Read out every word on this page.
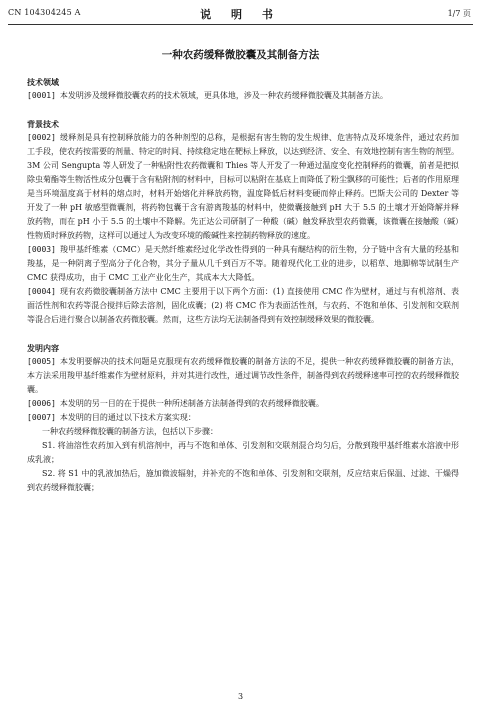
CN 104304245 A	说 明 书	1/7 页
一种农药缓释微胶囊及其制备方法

技术领域

[0001] 本发明涉及缓释微胶囊农药的技术领域，更具体地，涉及一种农药缓释微胶囊及其制备方法。

背景技术

[0002] 缓释剂是具有控制释放能力的各种剂型的总称，是根据有害生物的发生规律、危害特点及环境条件，通过农药加工手段，使农药按需要的剂量、特定的时间、持续稳定地在靶标上释放，以达到经济、安全、有效地控制有害生物的剂型。3M 公司 Sengupta 等人研发了一种粘附性农药微囊和 Thies 等人开发了一种通过温度变化控制释药的微囊，前者是把拟除虫菊酯等生物活性成分包囊于含有粘附剂的材料中，目标可以粘附在基底上而降低了粉尘飘移的可能性；后者的作用原理是当环境温度高于材料的熔点时，材料开始熔化并释放药物，温度降低后材料变硬而停止释药。巴斯夫公司的 Dexter 等开发了一种 pH 敏感型微囊剂，将药物包囊于含有游离羧基的材料中，使微囊接触到 pH 大于 5.5 的土壤才开始降解并释放药物，而在 pH 小于 5.5 的土壤中不降解。先正达公司研制了一种酸（碱）触发释放型农药微囊，该微囊在接触酸（碱）性物质时释放药物，这样可以通过人为改变环境的酸碱性来控制药物释放的速度。

[0003] 羧甲基纤维素（CMC）是天然纤维素经过化学改性得到的一种具有醚结构的衍生物，分子链中含有大量的羟基和羧基，是一种阴离子型高分子化合物，其分子量从几千到百万不等。随着现代化工业的进步，以稻草、地脚棉等试制生产 CMC 获得成功，由于 CMC 工业产业化生产，其成本大大降低。

[0004] 现有农药微胶囊制备方法中 CMC 主要用于以下两个方面：(1) 直接使用 CMC 作为壁材，通过与有机溶剂、表面活性剂和农药等混合搅拌后除去溶剂，固化成囊；(2) 将 CMC 作为表面活性剂，与农药、不饱和单体、引发剂和交联剂等混合后进行聚合以制备农药微胶囊。然而，这些方法均无法制备得到有效控制缓释效果的微胶囊。

发明内容

[0005] 本发明要解决的技术问题是克服现有农药缓释微胶囊的制备方法的不足，提供一种农药缓释微胶囊的制备方法，本方法采用羧甲基纤维素作为壁材原料，并对其进行改性，通过调节改性条件，制备得到农药缓释速率可控的农药缓释微胶囊。

[0006] 本发明的另一目的在于提供一种所述制备方法制备得到的农药缓释微胶囊。

[0007] 本发明的目的通过以下技术方案实现：

一种农药缓释微胶囊的制备方法，包括以下步骤：

S1. 将油溶性农药加入到有机溶剂中，再与不饱和单体、引发剂和交联剂混合均匀后，分散到羧甲基纤维素水溶液中形成乳液；

S2. 将 S1 中的乳液加热后，施加微波辐射，并补充的不饱和单体、引发剂和交联剂，反应结束后保温、过滤、干燥得到农药缓释微胶囊；

3
